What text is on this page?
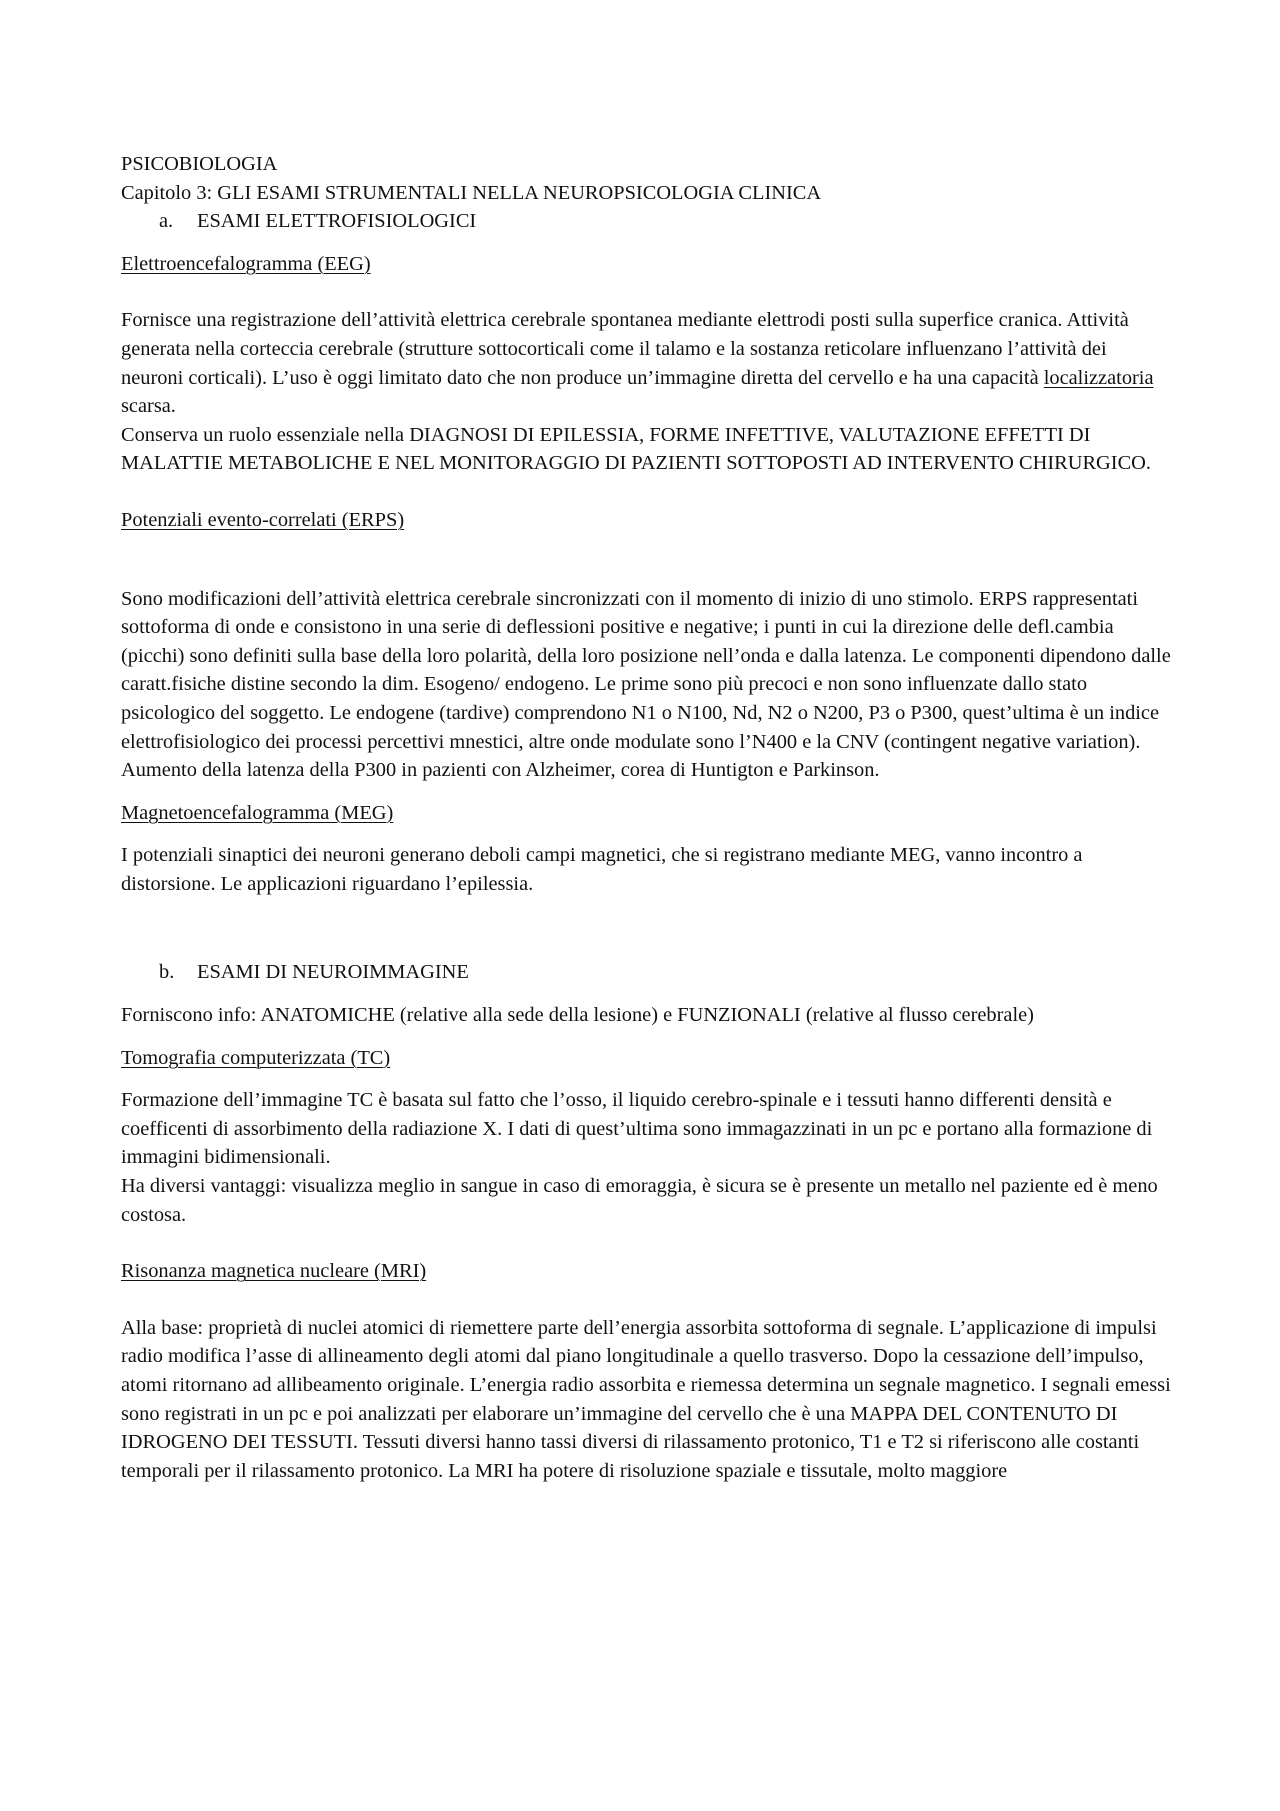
PSICOBIOLOGIA

Capitolo 3: GLI ESAMI STRUMENTALI NELLA NEUROPSICOLOGIA CLINICA

a.	ESAMI ELETTROFISIOLOGICI

Elettroencefalogramma (EEG)

Fornisce una registrazione dell’attività elettrica cerebrale spontanea mediante elettrodi posti sulla superfice cranica. Attività generata nella corteccia cerebrale (strutture sottocorticali come il talamo e la sostanza reticolare influenzano l’attività dei neuroni corticali). L’uso è oggi limitato dato che non produce un’immagine diretta del cervello e ha una capacità localizzatoria scarsa.

Conserva un ruolo essenziale nella DIAGNOSI DI EPILESSIA, FORME INFETTIVE, VALUTAZIONE EFFETTI DI MALATTIE METABOLICHE E NEL MONITORAGGIO DI PAZIENTI SOTTOPOSTI AD INTERVENTO CHIRURGICO.

Potenziali evento-correlati (ERPS)

Sono modificazioni dell’attività elettrica cerebrale sincronizzati con il momento di inizio di uno stimolo. ERPS rappresentati sottoforma di onde e consistono in una serie di deflessioni positive e negative; i punti in cui la direzione delle defl.cambia (picchi) sono definiti sulla base della loro polarità, della loro posizione nell’onda e dalla latenza. Le componenti dipendono dalle caratt.fisiche distine secondo la dim. Esogeno/ endogeno. Le prime sono più precoci e non sono influenzate dallo stato psicologico del soggetto. Le endogene (tardive) comprendono N1 o N100, Nd, N2 o N200, P3 o P300, quest’ultima è un indice elettrofisiologico dei processi percettivi mnestici, altre onde modulate sono l’N400 e la CNV (contingent negative variation). Aumento della latenza della P300 in pazienti con Alzheimer, corea di Huntigton e Parkinson.

Magnetoencefalogramma (MEG)

I potenziali sinaptici dei neuroni generano deboli campi magnetici, che si registrano mediante MEG, vanno incontro a distorsione. Le applicazioni riguardano l’epilessia.

b.	ESAMI DI NEUROIMMAGINE

Forniscono info: ANATOMICHE (relative alla sede della lesione) e FUNZIONALI (relative al flusso cerebrale)

Tomografia computerizzata (TC)

Formazione dell’immagine TC è basata sul fatto che l’osso, il liquido cerebro-spinale e i tessuti hanno differenti densità e coefficenti di assorbimento della radiazione X. I dati di quest’ultima sono immagazzinati in un pc e portano alla formazione di immagini bidimensionali.

Ha diversi vantaggi: visualizza meglio in sangue in caso di emoraggia, è sicura se è presente un metallo nel paziente ed è meno costosa.

Risonanza magnetica nucleare (MRI)

Alla base: proprietà di nuclei atomici di riemettere parte dell’energia assorbita sottoforma di segnale. L’applicazione di impulsi radio modifica l’asse di allineamento degli atomi dal piano longitudinale a quello trasverso. Dopo la cessazione dell’impulso, atomi ritornano ad allibeamento originale. L’energia radio assorbita e riemessa determina un segnale magnetico. I segnali emessi sono registrati in un pc e poi analizzati per elaborare un’immagine del cervello che è una MAPPA DEL CONTENUTO DI IDROGENO DEI TESSUTI. Tessuti diversi hanno tassi diversi di rilassamento protonico, T1 e T2 si riferiscono alle costanti temporali per il rilassamento protonico. La MRI ha potere di risoluzione spaziale e tissutale, molto maggiore
